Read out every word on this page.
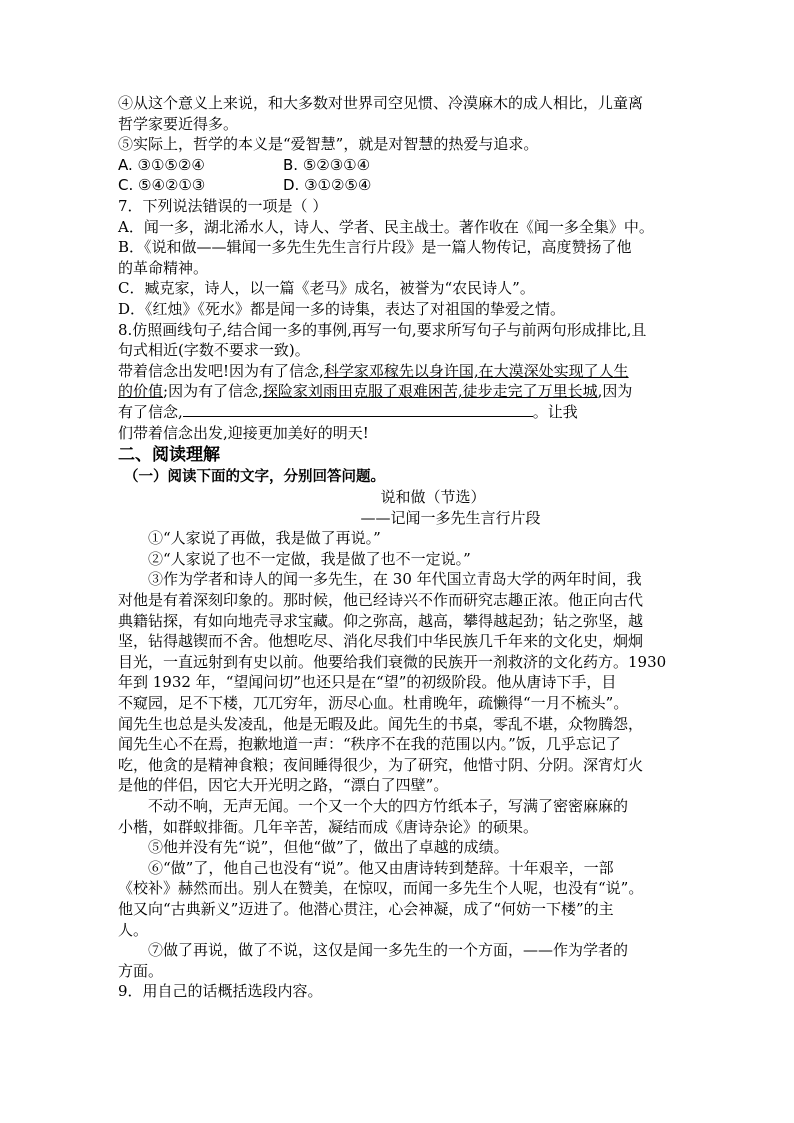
④从这个意义上来说，和大多数对世界司空见惯、冷漠麻木的成人相比，儿童离
哲学家要近得多。
⑤实际上，哲学的本义是“爱智慧”，就是对智慧的热爱与追求。
A. ③①⑤②④	B. ⑤②③①④
C. ⑤④②①③	D. ③①②⑤④
7．下列说法错误的一项是（ ）
A．闻一多，湖北浠水人，诗人、学者、民主战士。著作收在《闻一多全集》中。
B．《说和做——辑闻一多先生先生言行片段》是一篇人物传记，高度赞扬了他
的革命精神。
C．臧克家，诗人，以一篇《老马》成名，被誉为“农民诗人”。
D．《红烛》《死水》都是闻一多的诗集，表达了对祖国的挚爱之情。
8.仿照画线句子,结合闻一多的事例,再写一句,要求所写句子与前两句形成排比,且
句式相近(字数不要求一致)。
带着信念出发吧!因为有了信念,科学家邓稼先以身许国,在大漠深处实现了人生
的价值;因为有了信念,探险家刘雨田克服了艰难困苦,徒步走完了万里长城,因为
有了信念,	。让我
们带着信念出发,迎接更加美好的明天!
二、阅读理解
（一）阅读下面的文字，分别回答问题。
说和做（节选）
——记闻一多先生言行片段
①“人家说了再做，我是做了再说。”
②“人家说了也不一定做，我是做了也不一定说。”
③作为学者和诗人的闻一多先生，在 30 年代国立青岛大学的两年时间，我
对他是有着深刻印象的。那时候，他已经诗兴不作而研究志趣正浓。他正向古代
典籍钻探，有如向地壳寻求宝藏。仰之弥高，越高，攀得越起劲；钻之弥坚，越
坚，钻得越锲而不舍。他想吃尽、消化尽我们中华民族几千年来的文化史，炯炯
目光，一直远射到有史以前。他要给我们衰微的民族开一剂救济的文化药方。1930
年到 1932 年，“望闻问切”也还只是在“望”的初级阶段。他从唐诗下手，目
不窥园，足不下楼，兀兀穷年，沥尽心血。杜甫晚年，疏懒得“一月不梳头”。
闻先生也总是头发凌乱，他是无暇及此。闻先生的书桌，零乱不堪，众物腾怨，
闻先生心不在焉，抱歉地道一声：“秩序不在我的范围以内。”饭，几乎忘记了
吃，他贪的是精神食粮；夜间睡得很少，为了研究，他惜寸阴、分阴。深宵灯火
是他的伴侣，因它大开光明之路，“漂白了四壁”。
不动不响，无声无闻。一个又一个大的四方竹纸本子，写满了密密麻麻的
小楷，如群蚁排衙。几年辛苦，凝结而成《唐诗杂论》的硕果。
⑤他并没有先“说”，但他“做”了，做出了卓越的成绩。
⑥“做”了，他自己也没有“说”。他又由唐诗转到楚辞。十年艰辛，一部
《校补》赫然而出。别人在赞美，在惊叹，而闻一多先生个人呢，也没有“说”。
他又向“古典新义”迈进了。他潜心贯注，心会神凝，成了“何妨一下楼”的主
人。
⑦做了再说，做了不说，这仅是闻一多先生的一个方面，——作为学者的
方面。
9．用自己的话概括选段内容。
